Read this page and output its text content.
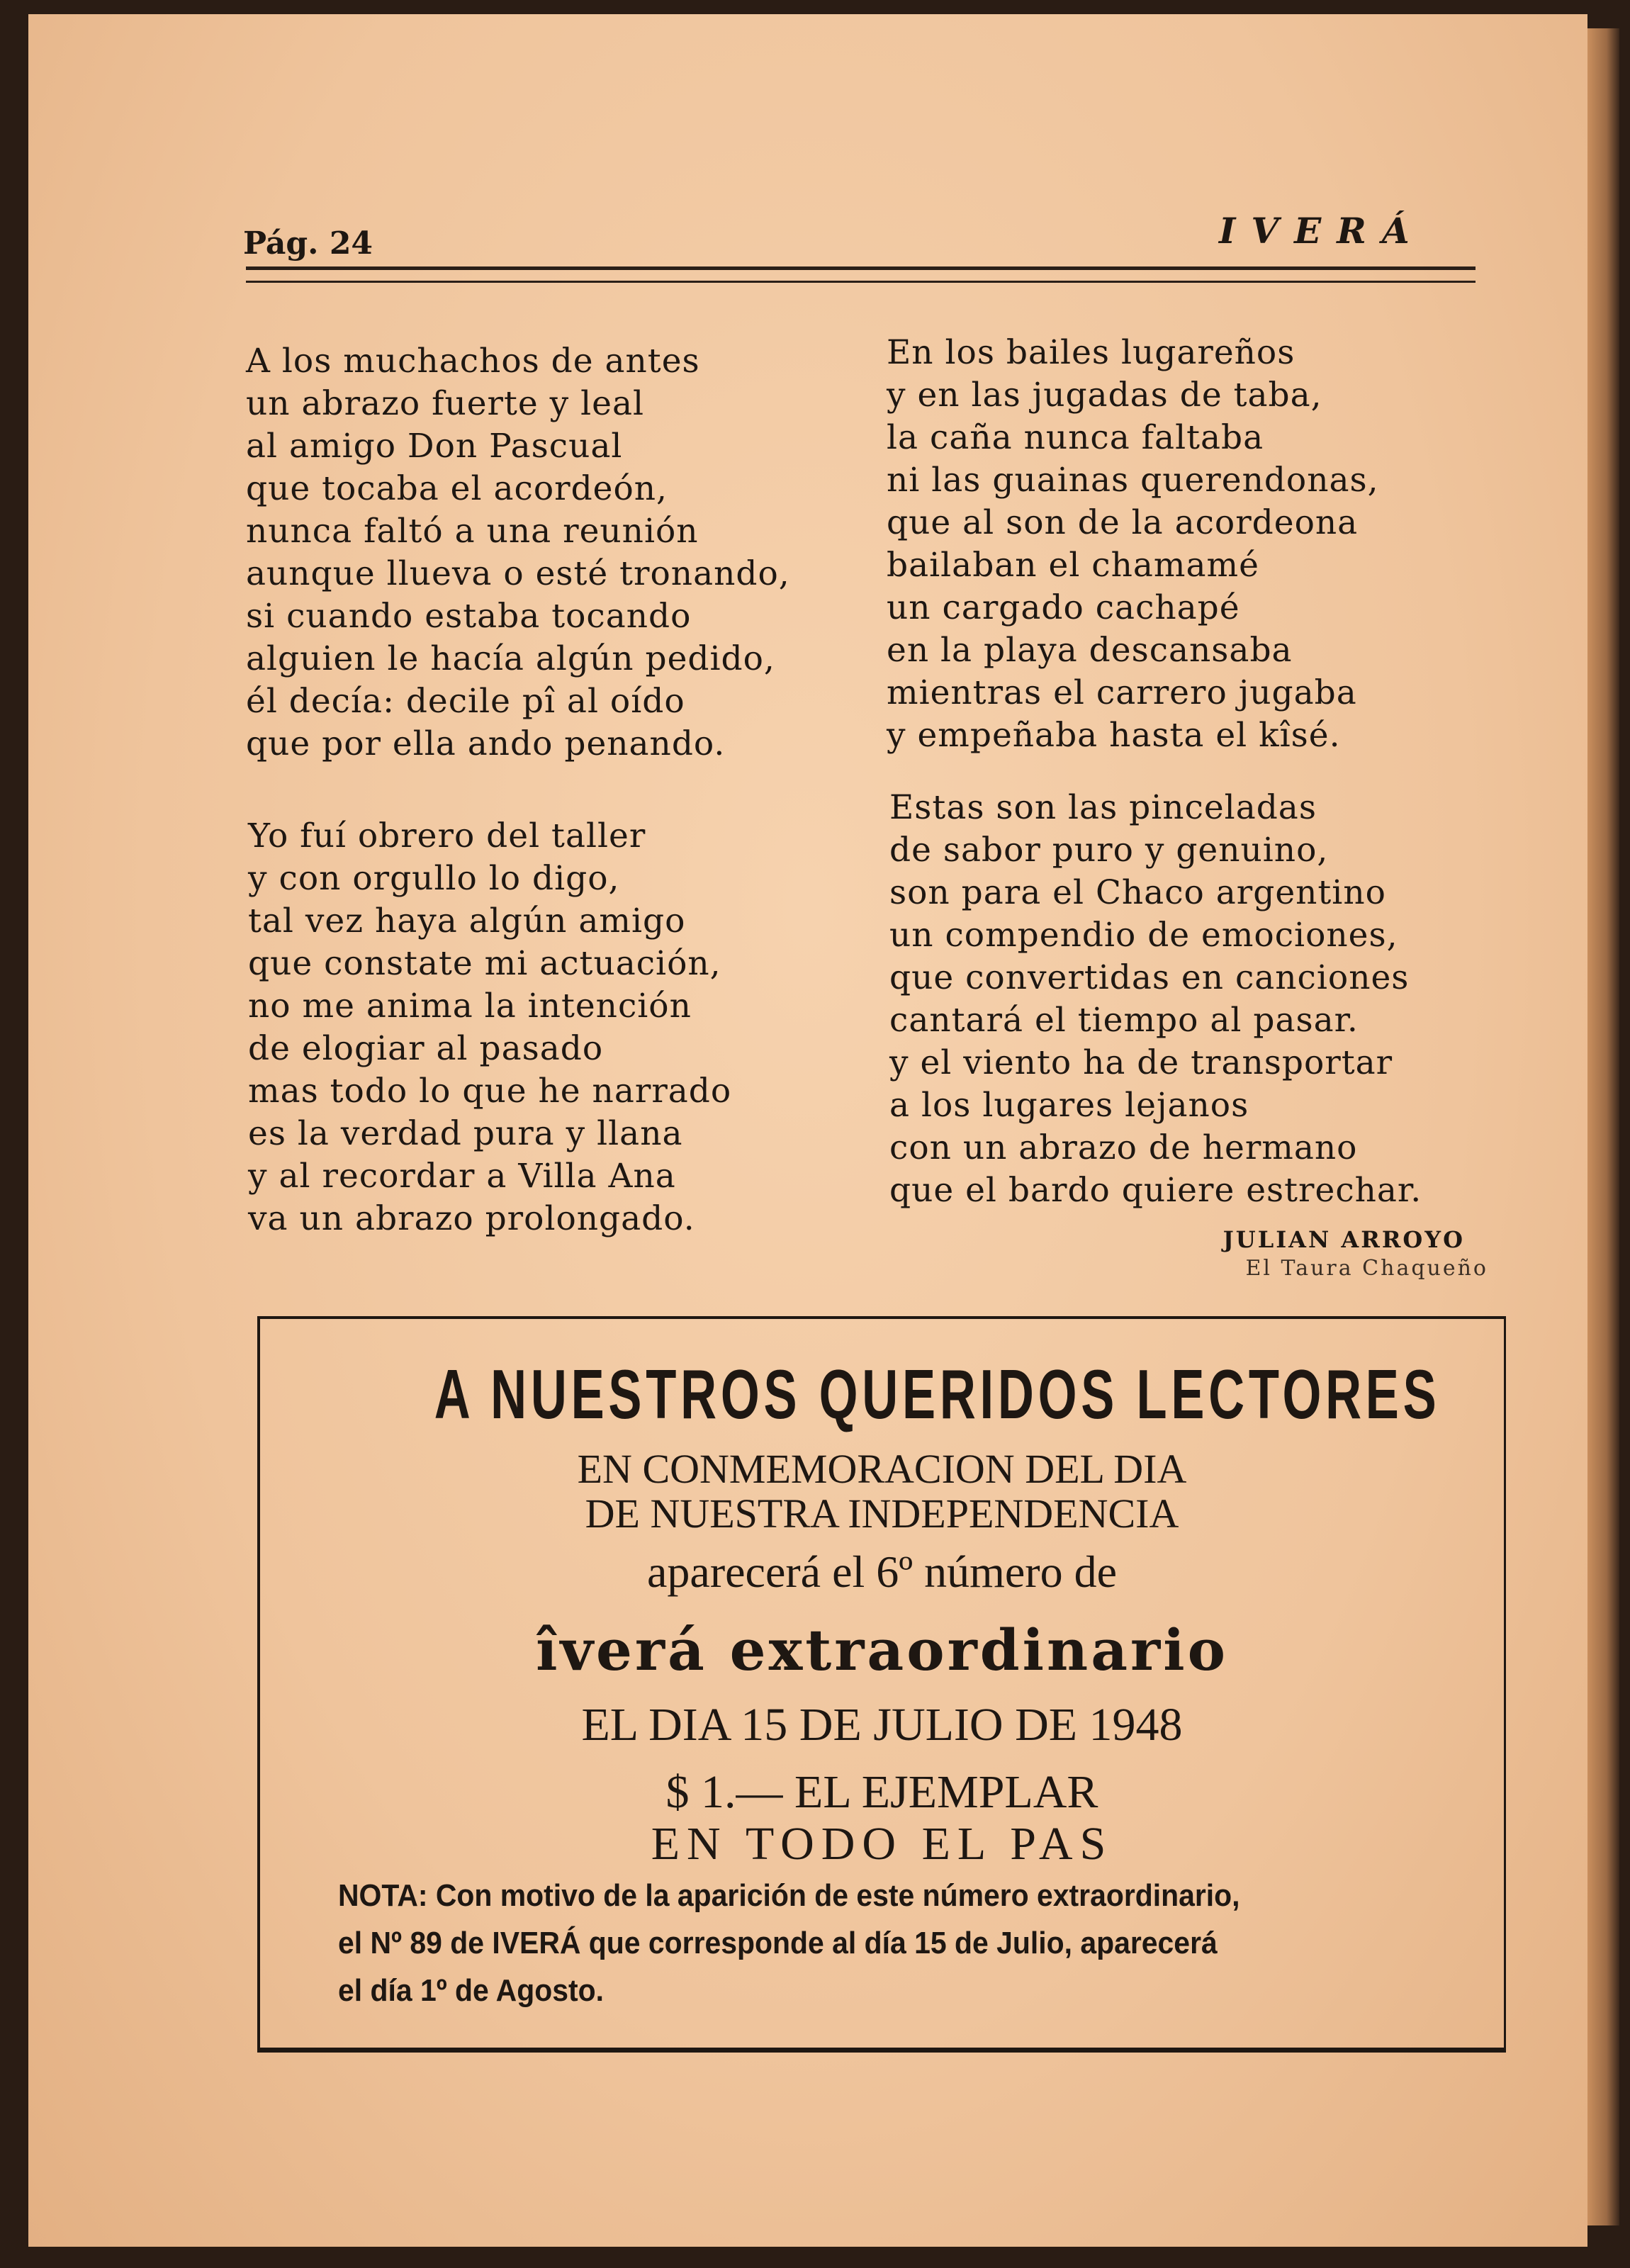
Pág. 24	IVERÁ
A los muchachos de antes
un abrazo fuerte y leal
al amigo Don Pascual
que tocaba el acordeón,
nunca faltó a una reunión
aunque llueva o esté tronando,
si cuando estaba tocando
alguien le hacía algún pedido,
él decía: decile pî al oído
que por ella ando penando.
Yo fuí obrero del taller
y con orgullo lo digo,
tal vez haya algún amigo
que constate mi actuación,
no me anima la intención
de elogiar al pasado
mas todo lo que he narrado
es la verdad pura y llana
y al recordar a Villa Ana
va un abrazo prolongado.
En los bailes lugareños
y en las jugadas de taba,
la caña nunca faltaba
ni las guainas querendonas,
que al son de la acordeona
bailaban el chamamé
un cargado cachapé
en la playa descansaba
mientras el carrero jugaba
y empeñaba hasta el kîsé.
Estas son las pinceladas
de sabor puro y genuino,
son para el Chaco argentino
un compendio de emociones,
que convertidas en canciones
cantará el tiempo al pasar.
y el viento ha de transportar
a los lugares lejanos
con un abrazo de hermano
que el bardo quiere estrechar.
JULIAN ARROYO
El Taura Chaqueño
A NUESTROS QUERIDOS LECTORES
EN CONMEMORACION DEL DIA
DE NUESTRA INDEPENDENCIA
aparecerá el 6º número de
îverá extraordinario
EL DIA 15 DE JULIO DE 1948
$ 1.— EL EJEMPLAR
EN TODO EL PAS
NOTA: Con motivo de la aparición de este número extraordinario,
el Nº 89 de IVERÁ que corresponde al día 15 de Julio, aparecerá
el día 1º de Agosto.
